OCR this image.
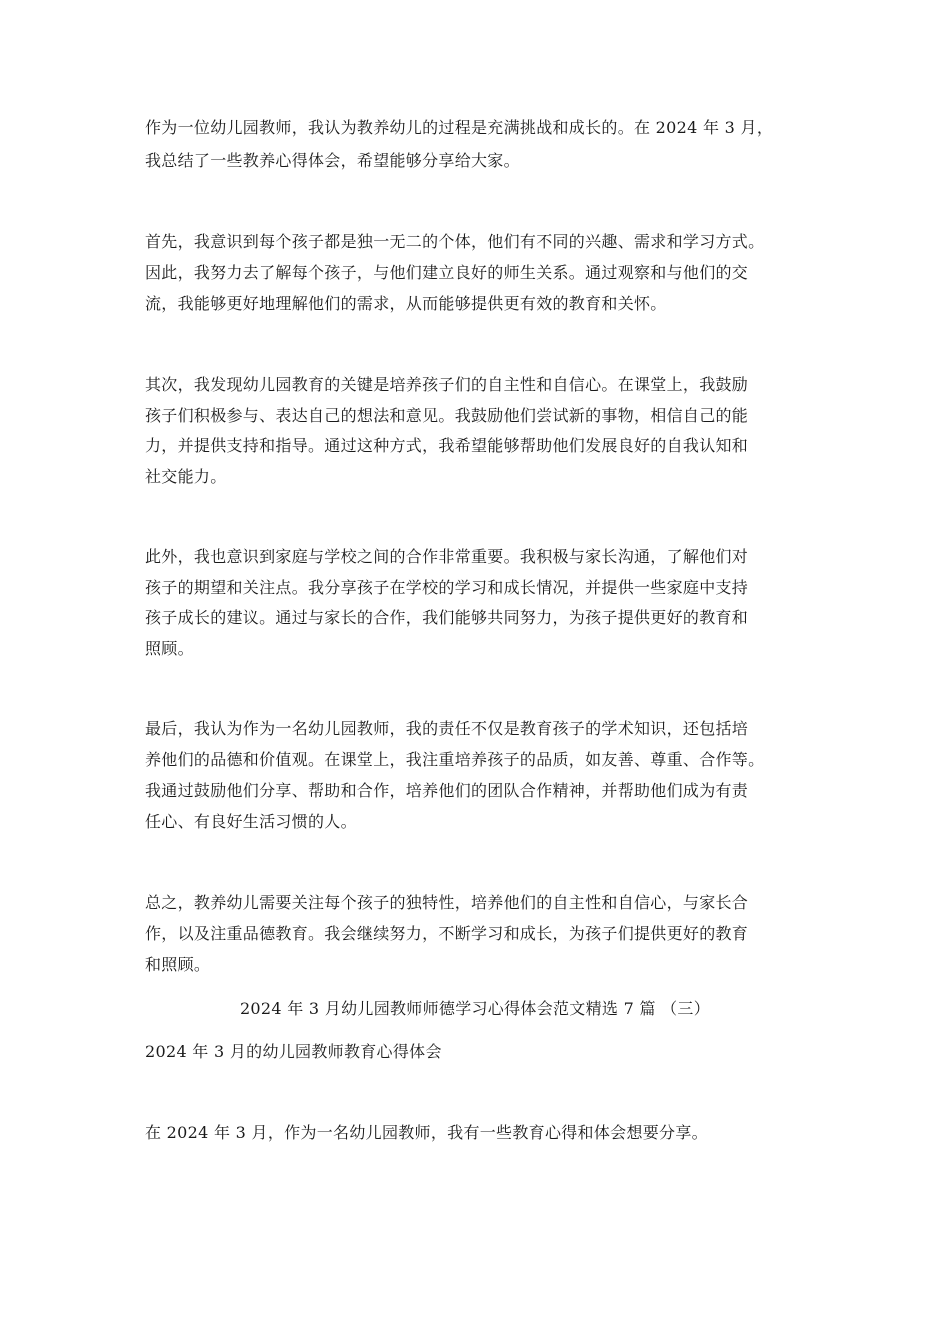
作为一位幼儿园教师，我认为教养幼儿的过程是充满挑战和成长的。在 2024 年 3 月，
我总结了一些教养心得体会，希望能够分享给大家。
首先，我意识到每个孩子都是独一无二的个体，他们有不同的兴趣、需求和学习方式。
因此，我努力去了解每个孩子，与他们建立良好的师生关系。通过观察和与他们的交
流，我能够更好地理解他们的需求，从而能够提供更有效的教育和关怀。
其次，我发现幼儿园教育的关键是培养孩子们的自主性和自信心。在课堂上，我鼓励
孩子们积极参与、表达自己的想法和意见。我鼓励他们尝试新的事物，相信自己的能
力，并提供支持和指导。通过这种方式，我希望能够帮助他们发展良好的自我认知和
社交能力。
此外，我也意识到家庭与学校之间的合作非常重要。我积极与家长沟通，了解他们对
孩子的期望和关注点。我分享孩子在学校的学习和成长情况，并提供一些家庭中支持
孩子成长的建议。通过与家长的合作，我们能够共同努力，为孩子提供更好的教育和
照顾。
最后，我认为作为一名幼儿园教师，我的责任不仅是教育孩子的学术知识，还包括培
养他们的品德和价值观。在课堂上，我注重培养孩子的品质，如友善、尊重、合作等。
我通过鼓励他们分享、帮助和合作，培养他们的团队合作精神，并帮助他们成为有责
任心、有良好生活习惯的人。
总之，教养幼儿需要关注每个孩子的独特性，培养他们的自主性和自信心，与家长合
作，以及注重品德教育。我会继续努力，不断学习和成长，为孩子们提供更好的教育
和照顾。
2024 年 3 月幼儿园教师师德学习心得体会范文精选 7 篇 （三）
2024 年 3 月的幼儿园教师教育心得体会
在 2024 年 3 月，作为一名幼儿园教师，我有一些教育心得和体会想要分享。
